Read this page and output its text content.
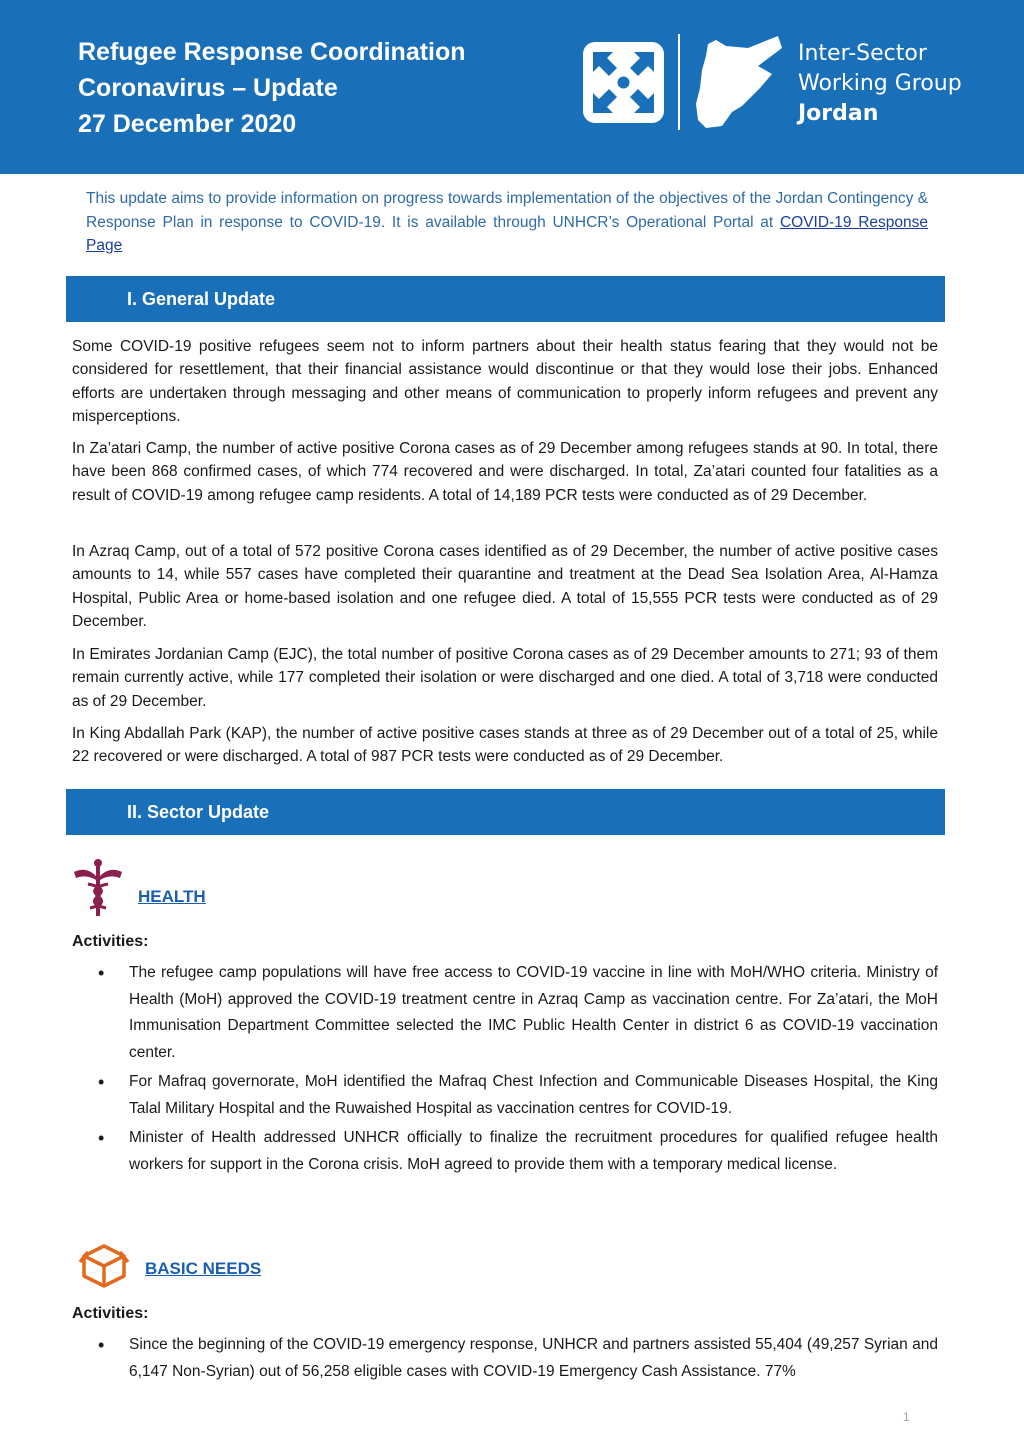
Refugee Response Coordination
Coronavirus – Update
27 December 2020
Inter-Sector
Working Group
Jordan
This update aims to provide information on progress towards implementation of the objectives of the Jordan Contingency & Response Plan in response to COVID-19. It is available through UNHCR’s Operational Portal at COVID-19 Response Page
I. General Update

Some COVID-19 positive refugees seem not to inform partners about their health status fearing that they would not be considered for resettlement, that their financial assistance would discontinue or that they would lose their jobs. Enhanced efforts are undertaken through messaging and other means of communication to properly inform refugees and prevent any misperceptions.

In Za’atari Camp, the number of active positive Corona cases as of 29 December among refugees stands at 90. In total, there have been 868 confirmed cases, of which 774 recovered and were discharged. In total, Za’atari counted four fatalities as a result of COVID-19 among refugee camp residents. A total of 14,189 PCR tests were conducted as of 29 December.

In Azraq Camp, out of a total of 572 positive Corona cases identified as of 29 December, the number of active positive cases amounts to 14, while 557 cases have completed their quarantine and treatment at the Dead Sea Isolation Area, Al-Hamza Hospital, Public Area or home-based isolation and one refugee died. A total of 15,555 PCR tests were conducted as of 29 December.

In Emirates Jordanian Camp (EJC), the total number of positive Corona cases as of 29 December amounts to 271; 93 of them remain currently active, while 177 completed their isolation or were discharged and one died. A total of 3,718 were conducted as of 29 December.

In King Abdallah Park (KAP), the number of active positive cases stands at three as of 29 December out of a total of 25, while 22 recovered or were discharged. A total of 987 PCR tests were conducted as of 29 December.

II. Sector Update
HEALTH
Activities:
• The refugee camp populations will have free access to COVID-19 vaccine in line with MoH/WHO criteria. Ministry of Health (MoH) approved the COVID-19 treatment centre in Azraq Camp as vaccination centre. For Za’atari, the MoH Immunisation Department Committee selected the IMC Public Health Center in district 6 as COVID-19 vaccination center.
• For Mafraq governorate, MoH identified the Mafraq Chest Infection and Communicable Diseases Hospital, the King Talal Military Hospital and the Ruwaished Hospital as vaccination centres for COVID-19.
• Minister of Health addressed UNHCR officially to finalize the recruitment procedures for qualified refugee health workers for support in the Corona crisis. MoH agreed to provide them with a temporary medical license.
BASIC NEEDS
Activities:
• Since the beginning of the COVID-19 emergency response, UNHCR and partners assisted 55,404 (49,257 Syrian and 6,147 Non-Syrian) out of 56,258 eligible cases with COVID-19 Emergency Cash Assistance. 77%
1
